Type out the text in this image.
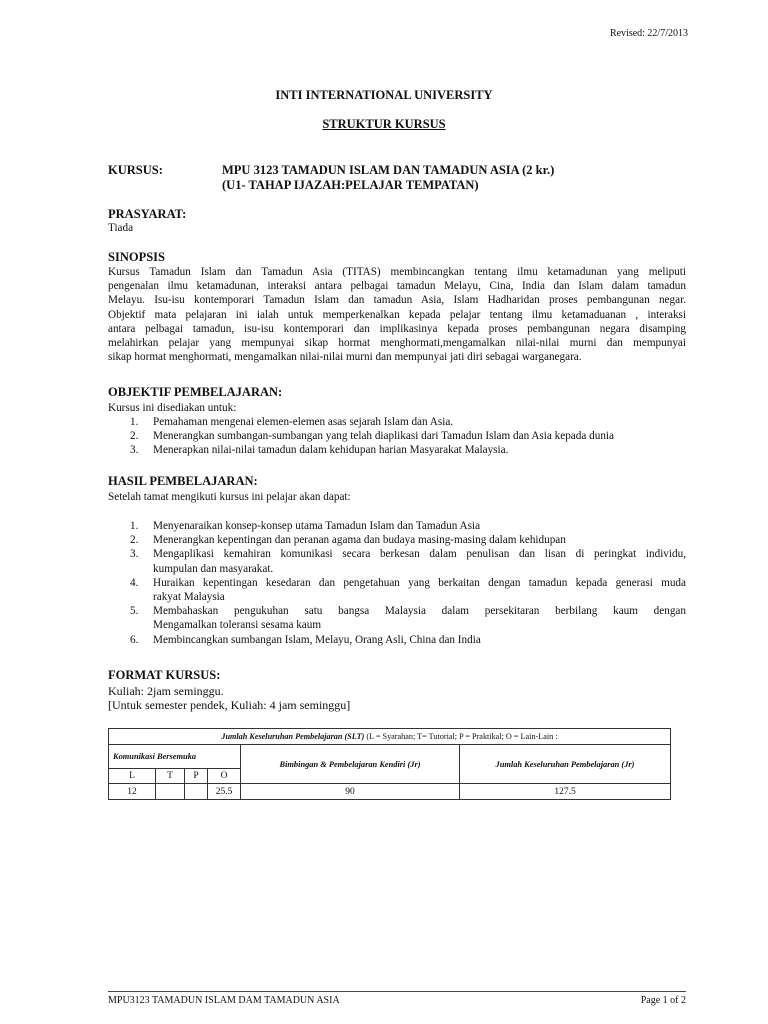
Revised: 22/7/2013
INTI INTERNATIONAL UNIVERSITY
STRUKTUR KURSUS
KURSUS:	MPU 3123 TAMADUN ISLAM DAN TAMADUN ASIA (2 kr.)
(U1- TAHAP IJAZAH:PELAJAR TEMPATAN)
PRASYARAT:
Tiada
SINOPSIS
Kursus Tamadun Islam dan Tamadun Asia (TITAS) membincangkan tentang ilmu ketamadunan yang meliputi
pengenalan ilmu ketamadunan, interaksi antara pelbagai tamadun Melayu, Cina, India dan Islam dalam tamadun
Melayu. Isu-isu kontemporari Tamadun Islam dan tamadun Asia, Islam Hadharidan proses pembangunan negar.
Objektif mata pelajaran ini ialah untuk memperkenalkan kepada pelajar tentang ilmu ketamaduanan , interaksi
antara pelbagai tamadun, isu-isu kontemporari dan implikasinya kepada proses pembangunan negara disamping
melahirkan pelajar yang mempunyai sikap hormat menghormati,mengamalkan nilai-nilai murni dan mempunyai
sikap hormat menghormati, mengamalkan nilai-nilai murni dan mempunyai jati diri sebagai warganegara.
OBJEKTIF PEMBELAJARAN:
Kursus ini disediakan untuk:
1. Pemahaman mengenai elemen-elemen asas sejarah Islam dan Asia.
2. Menerangkan sumbangan-sumbangan yang telah diaplikasi dari Tamadun Islam dan Asia kepada dunia
3. Menerapkan nilai-nilai tamadun dalam kehidupan harian Masyarakat Malaysia.
HASIL PEMBELAJARAN:
Setelah tamat mengikuti kursus ini pelajar akan dapat:
1. Menyenaraikan konsep-konsep utama Tamadun Islam dan Tamadun Asia
2. Menerangkan kepentingan dan peranan agama dan budaya masing-masing dalam kehidupan
3. Mengaplikasi kemahiran komunikasi secara berkesan dalam penulisan dan lisan di peringkat individu,
kumpulan dan masyarakat.
4. Huraikan kepentingan kesedaran dan pengetahuan yang berkaitan dengan tamadun kepada generasi muda
rakyat Malaysia
5. Membahaskan pengukuhan satu bangsa Malaysia dalam persekitaran berbilang kaum dengan
Mengamalkan toleransi sesama kaum
6. Membincangkan sumbangan Islam, Melayu, Orang Asli, China dan India
FORMAT KURSUS:
Kuliah: 2jam seminggu.
[Untuk semester pendek, Kuliah: 4 jam seminggu]
Jumlah Keseluruhan Pembelajaran (SLT) (L = Syarahan; T= Tutorial; P = Praktikal; O = Lain-Lain :					
Komunikasi Bersemuka				Bimbingan & Pembelajaran Kendiri (Jr)	Jumlah Keseluruhan Pembelajaran (Jr)
L	T	P	O		
12			25.5	90	127.5
MPU3123 TAMADUN ISLAM DAM TAMADUN ASIA	Page 1 of 2
